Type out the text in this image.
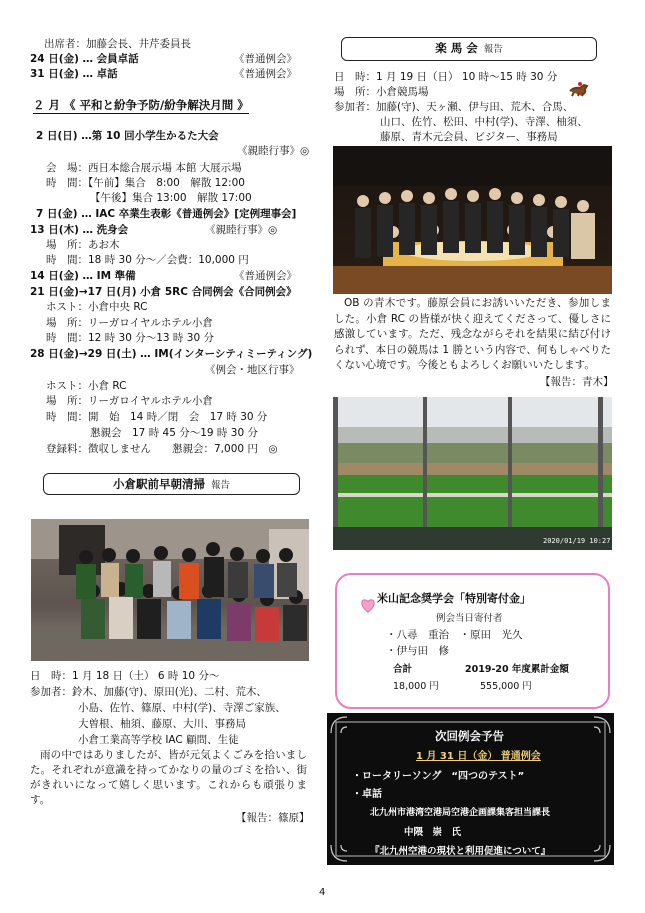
出席者：加藤会長、井芹委員長
24 日(金) … 会員卓話	《普通例会》
31 日(金) … 卓話	《普通例会》
２ 月 《 平和と紛争予防/紛争解決月間 》
2 日(日) …第 10 回小学生かるた大会
《親睦行事》◎
会　場：西日本総合展示場 本館 大展示場
時　間：【午前】集合　8:00　解散 12:00
【午後】集合 13:00　解散 17:00
7 日(金) … IAC 卒業生表彰《普通例会》[定例理事会]
13 日(木) … 洗身会	《親睦行事》◎
場　所：あお木
時　間：18 時 30 分～／会費：10,000 円
14 日(金) … IM 準備	《普通例会》
21 日(金)→17 日(月) 小倉 5RC 合同例会《合同例会》
ホスト：小倉中央 RC
場　所：リーガロイヤルホテル小倉
時　間：12 時 30 分～13 時 30 分
28 日(金)→29 日(土) … IM(インターシティミーティング)
《例会・地区行事》
ホスト：小倉 RC
場　所：リーガロイヤルホテル小倉
時　間：開　始　14 時／閉　会　17 時 30 分
懇親会　17 時 45 分～19 時 30 分
登録料：徴収しません　　懇親会：7,000 円　◎
小倉駅前早朝清掃 報告
日　時：1 月 18 日（土） 6 時 10 分～
参加者：鈴木、加藤(守)、原田(光)、二村、荒木、
小島、佐竹、篠原、中村(学)、寺澤ご家族、
大曽根、柚須、藤原、大川、事務局
小倉工業高等学校 IAC 顧問、生徒
雨の中ではありましたが、皆が元気よくごみを拾いました。それぞれが意識を持ってかなりの量のゴミを拾い、街がきれいになって嬉しく思います。これからも頑張ります。
【報告：篠原】
楽 馬 会 報告
日　時：1 月 19 日（日） 10 時～15 時 30 分
場　所：小倉競馬場
参加者：加藤(守)、天ヶ瀬、伊与田、荒木、合馬、
山口、佐竹、松田、中村(学)、寺澤、柚須、
藤原、青木元会員、ビジター、事務局
OB の青木です。藤原会員にお誘いいただき、参加しました。小倉 RC の皆様が快く迎えてくださって、優しさに感激しています。ただ、残念ながらそれを結果に結び付けられず、本日の競馬は 1 勝という内容で、何もしゃべりたくない心境です。今後ともよろしくお願いいたします。
【報告：青木】
2020/01/19 10:27
米山記念奨学会「特別寄付金」
例会当日寄付者
・八尋　重治　・原田　光久
・伊与田　修
合計	2019-20 年度累計金額
18,000 円	555,000 円
次回例会予告
1 月 31 日（金） 普通例会
・ロータリーソング　“四つのテスト”
・卓話
北九州市港湾空港局空港企画課集客担当課長
中隈　崇　氏
『北九州空港の現状と利用促進について』
4
